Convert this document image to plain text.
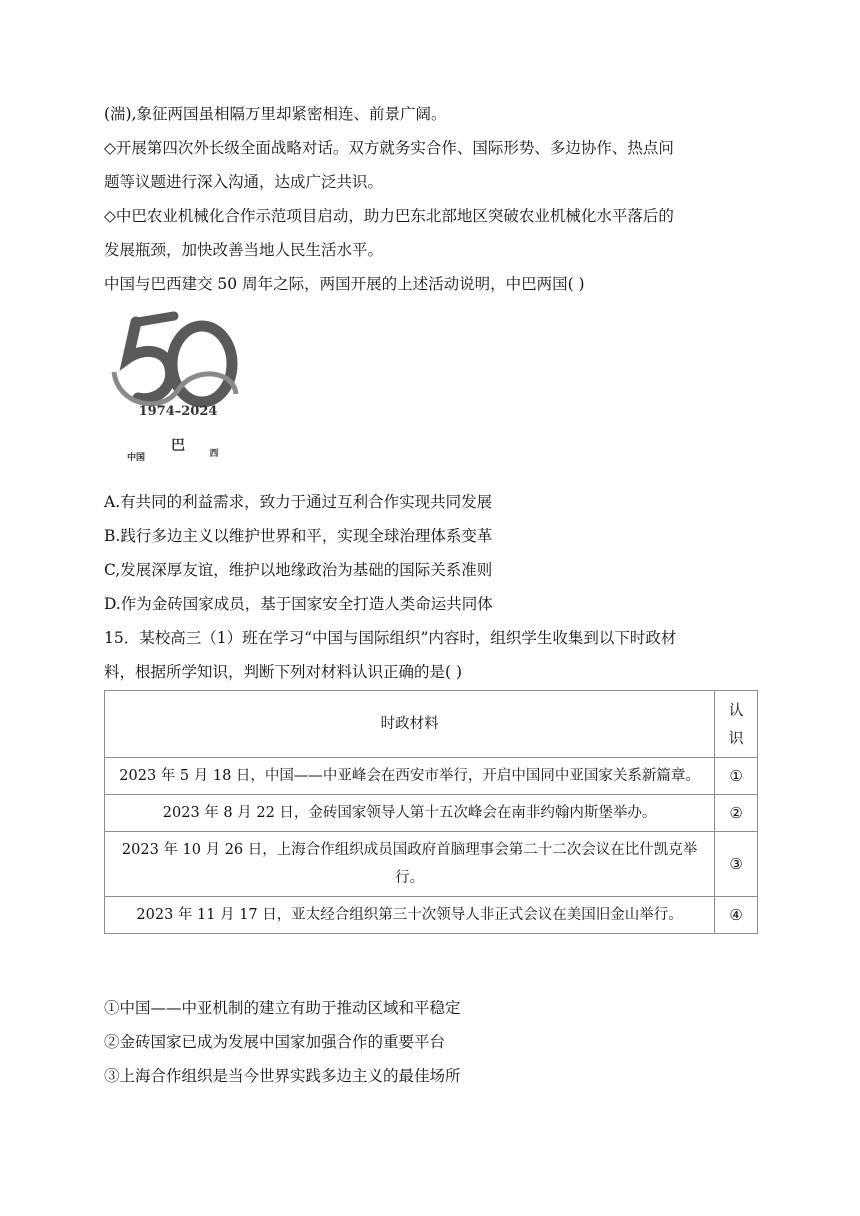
(湍),象征两国虽相隔万里却紧密相连、前景广阔。
◇开展第四次外长级全面战略对话。双方就务实合作、国际形势、多边协作、热点问
题等议题进行深入沟通，达成广泛共识。
◇中巴农业机械化合作示范项目启动，助力巴东北部地区突破农业机械化水平落后的
发展瓶颈，加快改善当地人民生活水平。
中国与巴西建交 50 周年之际，两国开展的上述活动说明，中巴两国( )
1974–2024
中国
巴	西
A.有共同的利益需求，致力于通过互利合作实现共同发展
B.践行多边主义以维护世界和平，实现全球治理体系变革
C,发展深厚友谊，维护以地缘政治为基础的国际关系准则
D.作为金砖国家成员，基于国家安全打造人类命运共同体
15．某校高三（1）班在学习“中国与国际组织”内容时，组织学生收集到以下时政材
料，根据所学知识，判断下列对材料认识正确的是( )
时政材料	认
识

2023 年 5 月 18 日，中国——中亚峰会在西安市举行，开启中国同中亚国家关系新篇章。	①
2023 年 8 月 22 日，金砖国家领导人第十五次峰会在南非约翰内斯堡举办。	②
2023 年 10 月 26 日，上海合作组织成员国政府首脑理事会第二十二次会议在比什凯克举行。	③
2023 年 11 月 17 日，亚太经合组织第三十次领导人非正式会议在美国旧金山举行。	④
①中国——中亚机制的建立有助于推动区域和平稳定
②金砖国家已成为发展中国家加强合作的重要平台
③上海合作组织是当今世界实践多边主义的最佳场所
